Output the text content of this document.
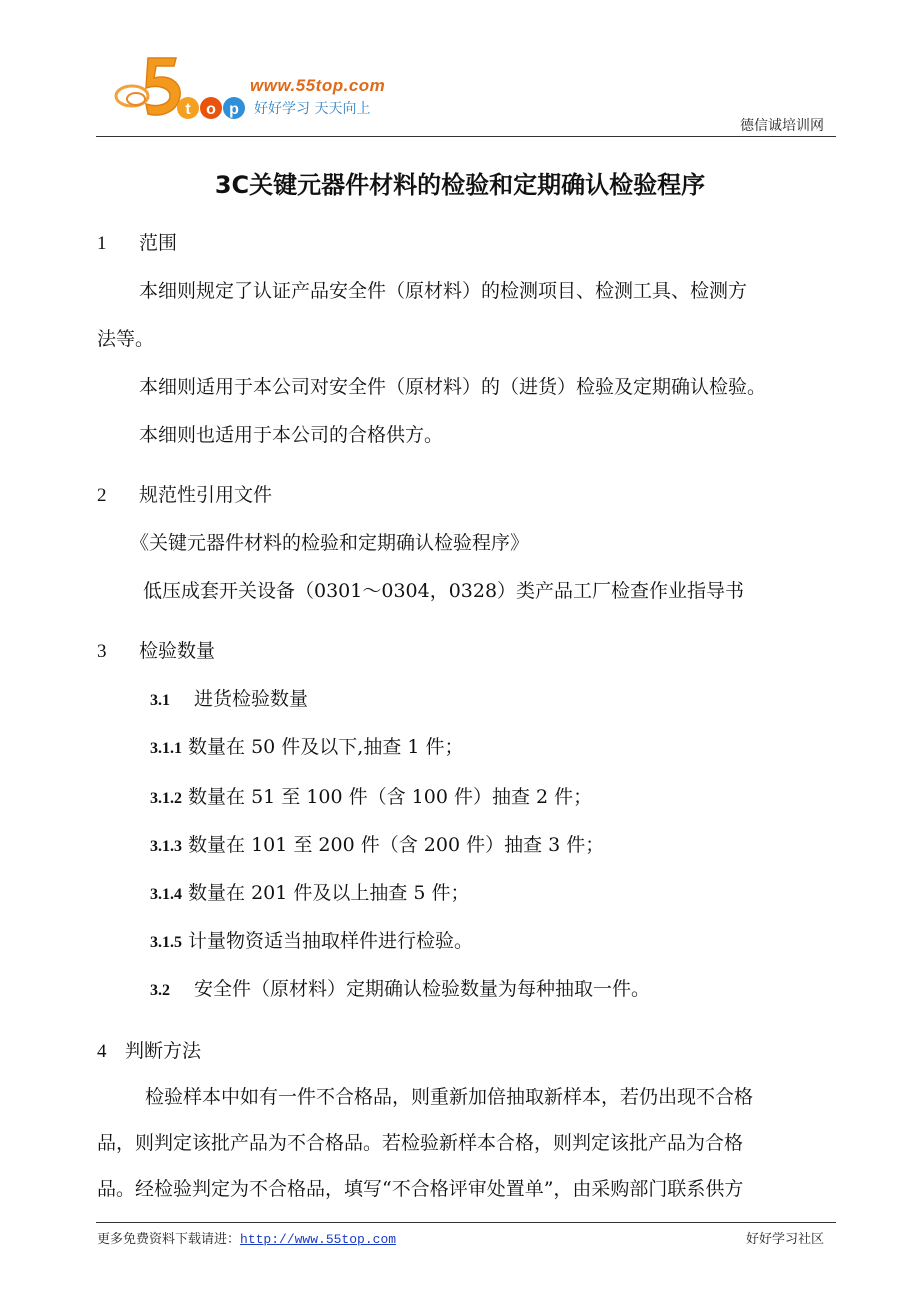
t o p
www.55top.com
好好学习 天天向上
德信诚培训网
3C关键元器件材料的检验和定期确认检验程序
1 范围
本细则规定了认证产品安全件（原材料）的检测项目、检测工具、检测方
法等。
本细则适用于本公司对安全件（原材料）的（进货）检验及定期确认检验。
本细则也适用于本公司的合格供方。
2 规范性引用文件
《关键元器件材料的检验和定期确认检验程序》
低压成套开关设备（0301～0304，0328）类产品工厂检查作业指导书
3 检验数量
3.1 进货检验数量
3.1.1 数量在 50 件及以下,抽查 1 件；
3.1.2 数量在 51 至 100 件（含 100 件）抽查 2 件；
3.1.3 数量在 101 至 200 件（含 200 件）抽查 3 件；
3.1.4 数量在 201 件及以上抽查 5 件；
3.1.5 计量物资适当抽取样件进行检验。
3.2 安全件（原材料）定期确认检验数量为每种抽取一件。
4 判断方法
检验样本中如有一件不合格品，则重新加倍抽取新样本，若仍出现不合格
品，则判定该批产品为不合格品。若检验新样本合格，则判定该批产品为合格
品。经检验判定为不合格品，填写“不合格评审处置单”，由采购部门联系供方
更多免费资料下载请进：http://www.55top.com	好好学习社区
